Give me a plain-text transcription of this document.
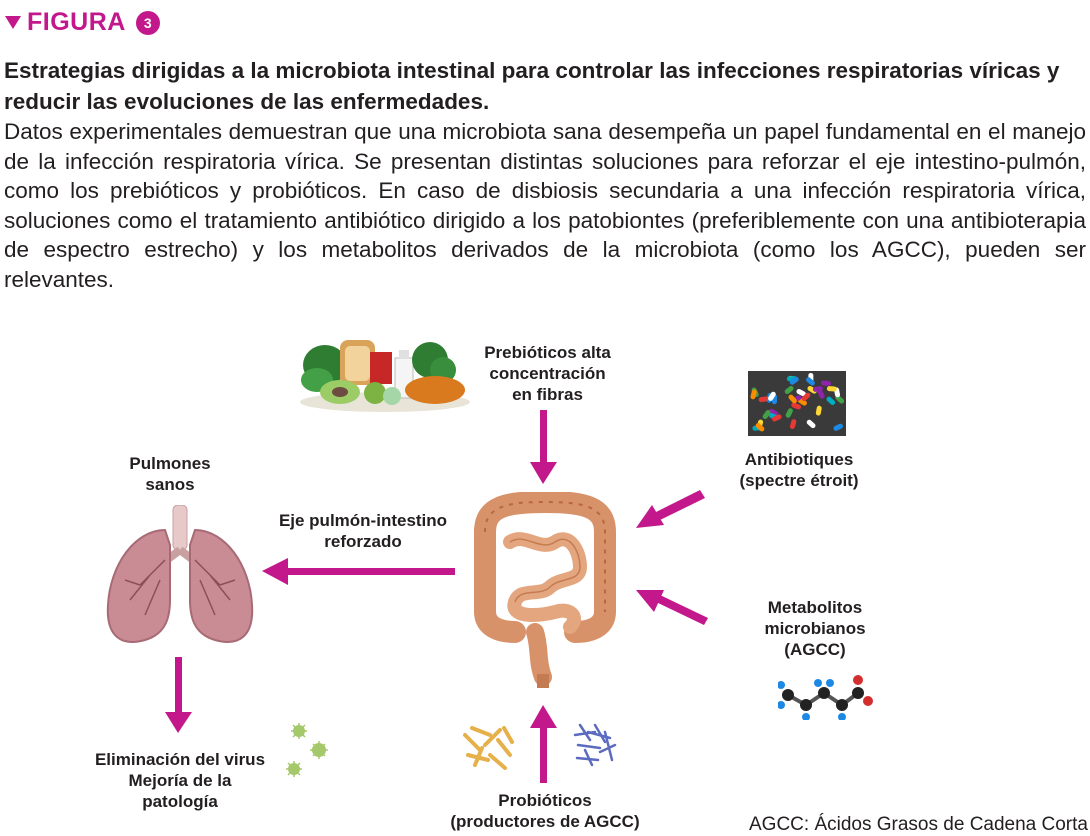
FIGURA	3
Estrategias dirigidas a la microbiota intestinal para controlar las infecciones respiratorias víricas y reducir las evoluciones de las enfermedades.
Datos experimentales demuestran que una microbiota sana desempeña un papel fundamental en el manejo de la infección respiratoria vírica. Se presentan distintas soluciones para reforzar el eje intestino-pulmón, como los prebióticos y probióticos. En caso de disbiosis secundaria a una infección respiratoria vírica, soluciones como el tratamiento antibiótico dirigido a los patobiontes (preferiblemente con una antibioterapia de espectro estrecho) y los metabolitos derivados de la microbiota (como los AGCC), pueden ser relevantes.
Prebióticos alta
concentración
en fibras
Antibiotiques
(spectre étroit)
Pulmones
sanos
Eje pulmón-intestino
reforzado
Metabolitos
microbianos
(AGCC)
Eliminación del virus
Mejoría de la
patología	Probióticos
(productores de AGCC)	AGCC: Ácidos Grasos de Cadena Corta
